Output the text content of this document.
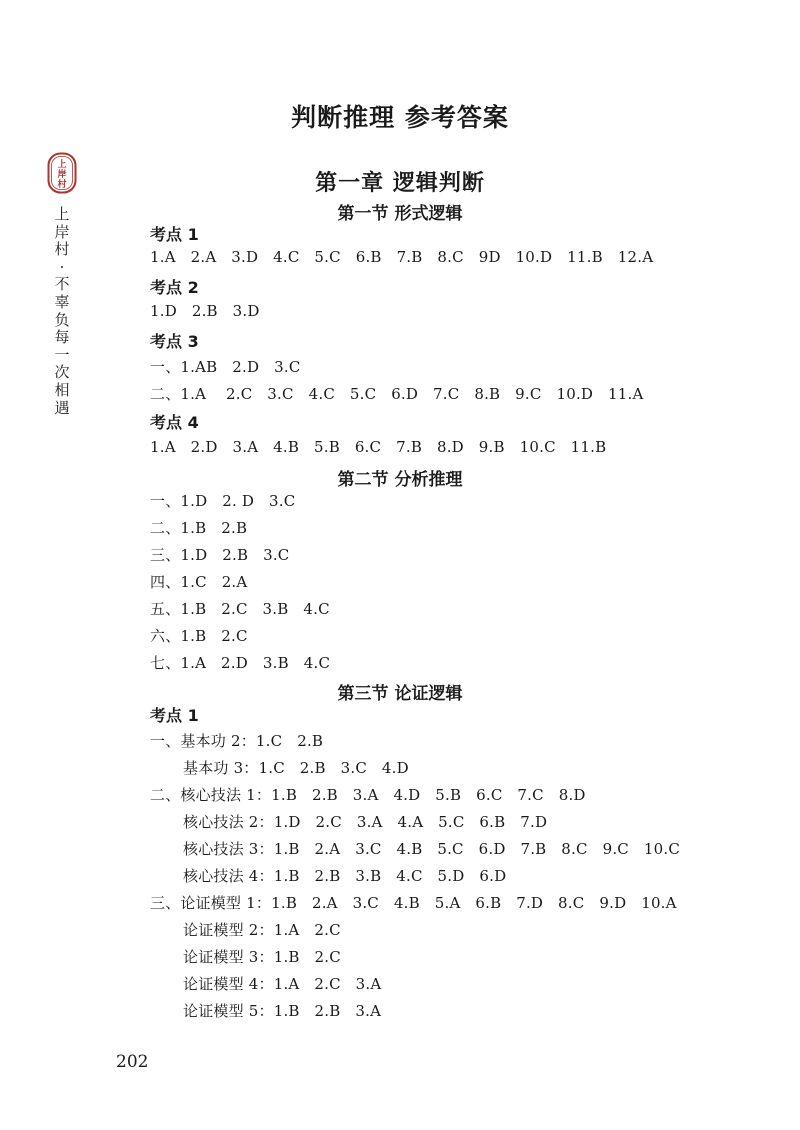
判断推理 参考答案
第一章 逻辑判断
上
岸
村
上
岸
村
·
不
辜
负
每
一
次
相
遇
第一节 形式逻辑
考点 1
1.A   2.A   3.D   4.C   5.C   6.B   7.B   8.C   9D   10.D   11.B   12.A
考点 2
1.D   2.B   3.D
考点 3
一、1.AB   2.D   3.C
二、1.A    2.C   3.C   4.C   5.C   6.D   7.C   8.B   9.C   10.D   11.A
考点 4
1.A   2.D   3.A   4.B   5.B   6.C   7.B   8.D   9.B   10.C   11.B
第二节 分析推理
一、1.D   2. D   3.C
二、1.B   2.B
三、1.D   2.B   3.C
四、1.C   2.A
五、1.B   2.C   3.B   4.C
六、1.B   2.C
七、1.A   2.D   3.B   4.C
第三节 论证逻辑
考点 1
一、基本功 2：1.C   2.B
基本功 3：1.C   2.B   3.C   4.D
二、核心技法 1：1.B   2.B   3.A   4.D   5.B   6.C   7.C   8.D
核心技法 2：1.D   2.C   3.A   4.A   5.C   6.B   7.D
核心技法 3：1.B   2.A   3.C   4.B   5.C   6.D   7.B   8.C   9.C   10.C
核心技法 4：1.B   2.B   3.B   4.C   5.D   6.D
三、论证模型 1：1.B   2.A   3.C   4.B   5.A   6.B   7.D   8.C   9.D   10.A
论证模型 2：1.A   2.C
论证模型 3：1.B   2.C
论证模型 4：1.A   2.C   3.A
论证模型 5：1.B   2.B   3.A
202
